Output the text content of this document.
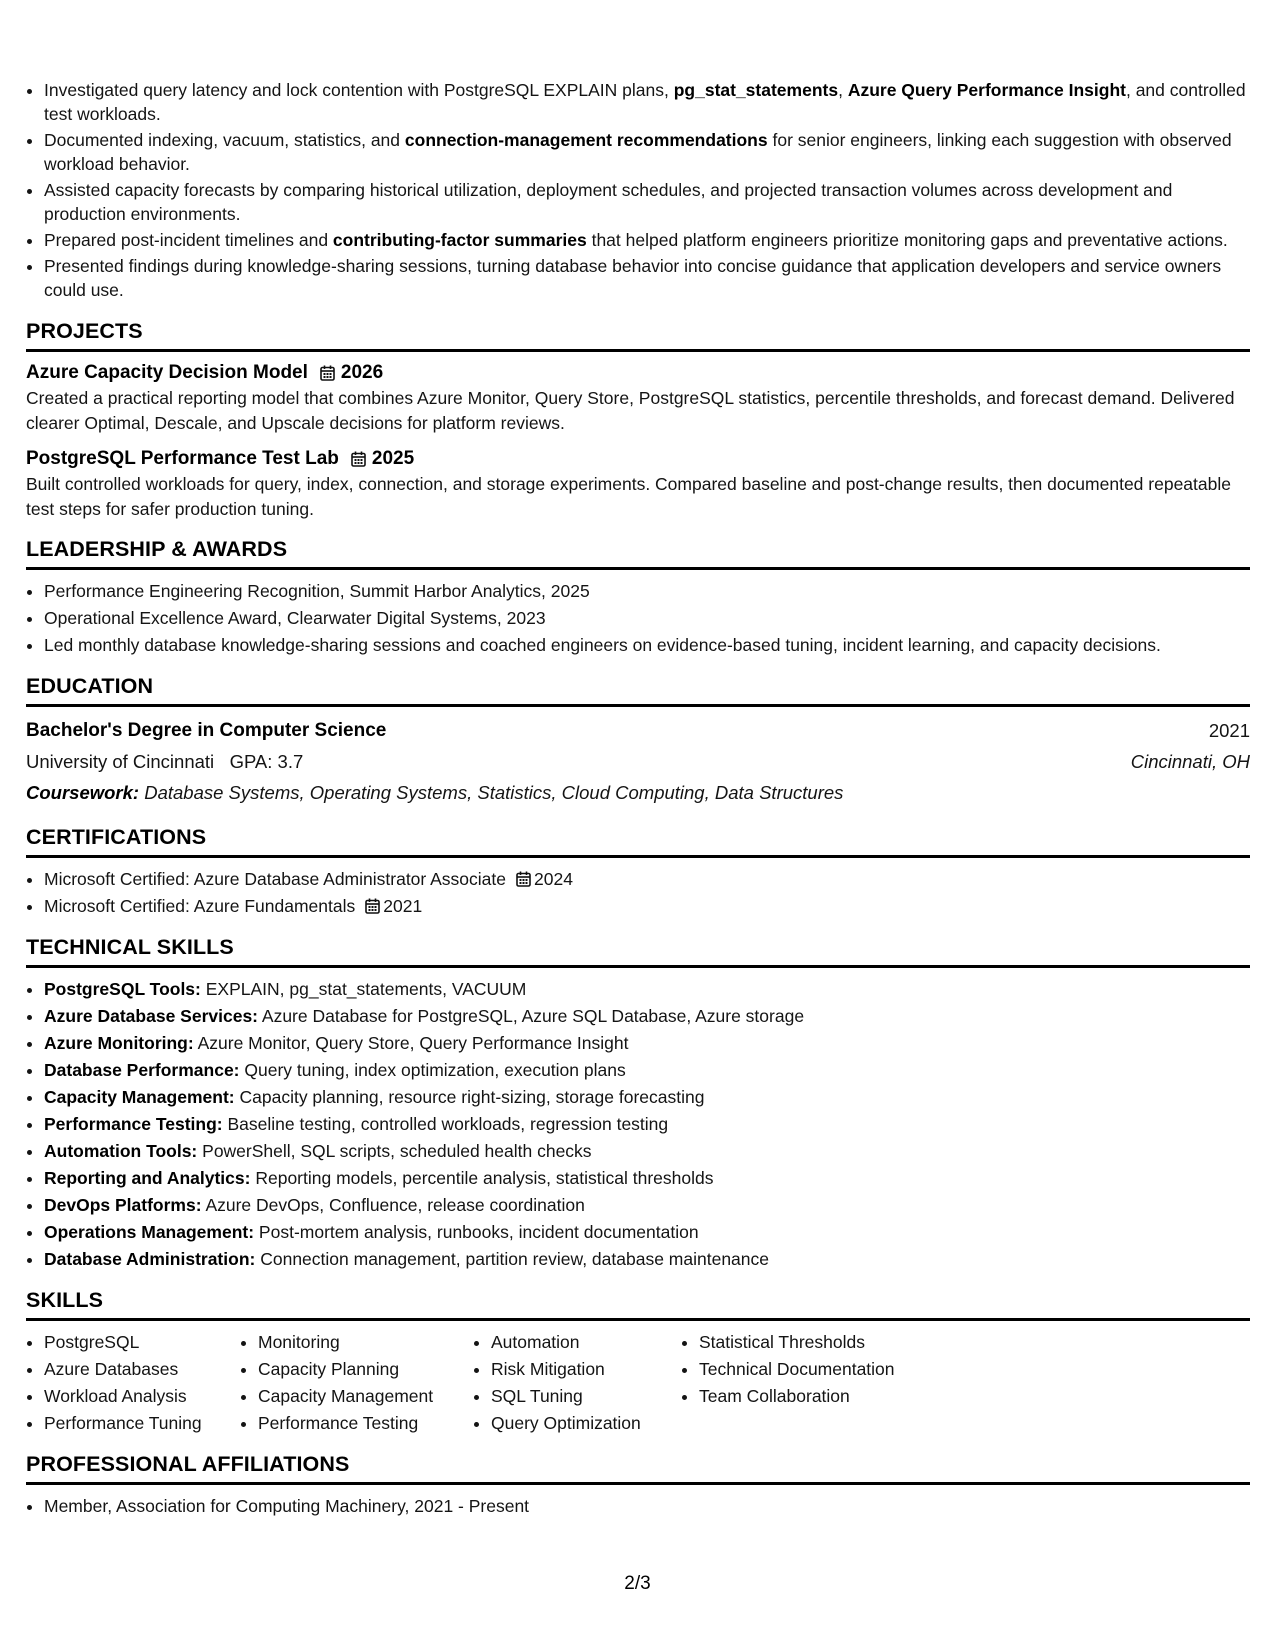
• Investigated query latency and lock contention with PostgreSQL EXPLAIN plans, pg_stat_statements, Azure Query Performance Insight, and controlled test workloads.
• Documented indexing, vacuum, statistics, and connection-management recommendations for senior engineers, linking each suggestion with observed workload behavior.
• Assisted capacity forecasts by comparing historical utilization, deployment schedules, and projected transaction volumes across development and production environments.
• Prepared post-incident timelines and contributing-factor summaries that helped platform engineers prioritize monitoring gaps and preventative actions.
• Presented findings during knowledge-sharing sessions, turning database behavior into concise guidance that application developers and service owners could use.
PROJECTS
Azure Capacity Decision Model 2026
Created a practical reporting model that combines Azure Monitor, Query Store, PostgreSQL statistics, percentile thresholds, and forecast demand. Delivered clearer Optimal, Descale, and Upscale decisions for platform reviews.
PostgreSQL Performance Test Lab 2025
Built controlled workloads for query, index, connection, and storage experiments. Compared baseline and post-change results, then documented repeatable test steps for safer production tuning.
LEADERSHIP & AWARDS
• Performance Engineering Recognition, Summit Harbor Analytics, 2025
• Operational Excellence Award, Clearwater Digital Systems, 2023
• Led monthly database knowledge-sharing sessions and coached engineers on evidence-based tuning, incident learning, and capacity decisions.
EDUCATION
Bachelor's Degree in Computer Science	2021
University of Cincinnati GPA: 3.7	Cincinnati, OH
Coursework: Database Systems, Operating Systems, Statistics, Cloud Computing, Data Structures
CERTIFICATIONS
• Microsoft Certified: Azure Database Administrator Associate 2024
• Microsoft Certified: Azure Fundamentals 2021
TECHNICAL SKILLS
• PostgreSQL Tools: EXPLAIN, pg_stat_statements, VACUUM
• Azure Database Services: Azure Database for PostgreSQL, Azure SQL Database, Azure storage
• Azure Monitoring: Azure Monitor, Query Store, Query Performance Insight
• Database Performance: Query tuning, index optimization, execution plans
• Capacity Management: Capacity planning, resource right-sizing, storage forecasting
• Performance Testing: Baseline testing, controlled workloads, regression testing
• Automation Tools: PowerShell, SQL scripts, scheduled health checks
• Reporting and Analytics: Reporting models, percentile analysis, statistical thresholds
• DevOps Platforms: Azure DevOps, Confluence, release coordination
• Operations Management: Post-mortem analysis, runbooks, incident documentation
• Database Administration: Connection management, partition review, database maintenance
SKILLS
• PostgreSQL
• Azure Databases
• Workload Analysis
• Performance Tuning
• Monitoring
• Capacity Planning
• Capacity Management
• Performance Testing
• Automation
• Risk Mitigation
• SQL Tuning
• Query Optimization
• Statistical Thresholds
• Technical Documentation
• Team Collaboration
PROFESSIONAL AFFILIATIONS
• Member, Association for Computing Machinery, 2021 - Present
2/3
